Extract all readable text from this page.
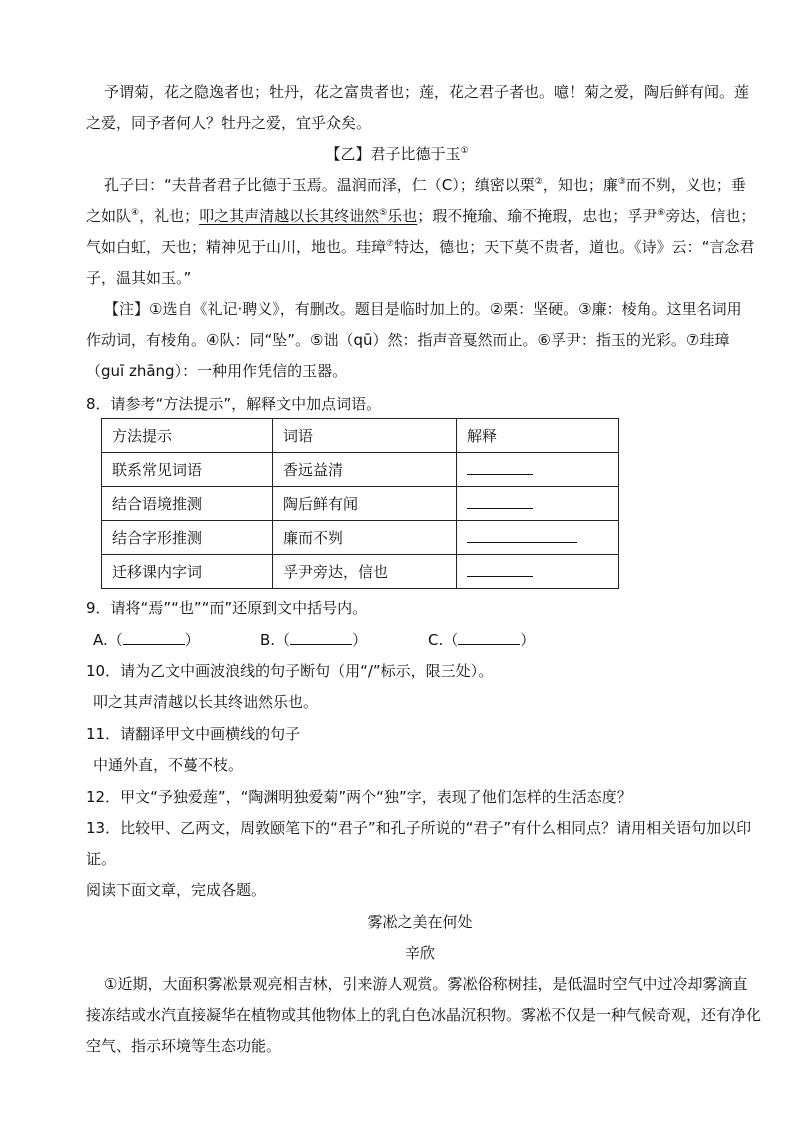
予谓菊，花之隐逸者也；牡丹，花之富贵者也；莲，花之君子者也。噫！菊之爱，陶后鲜有闻。莲
之爱，同予者何人？牡丹之爱，宜乎众矣。
【乙】君子比德于玉①
孔子曰：“夫昔者君子比德于玉焉。温润而泽，仁（C）；缜密以栗②，知也；廉③而不刿，义也；垂
之如队④，礼也；叩之其声清越以长其终诎然⑤乐也；瑕不掩瑜、瑜不掩瑕，忠也；孚尹⑥旁达，信也；
气如白虹，天也；精神见于山川，地也。珪璋⑦特达，德也；天下莫不贵者，道也。《诗》云：“言念君
子，温其如玉。”
【注】①选自《礼记·聘义》，有删改。题目是临时加上的。②栗：坚硬。③廉：棱角。这里名词用
作动词，有棱角。④队：同“坠”。⑤诎（qū）然：指声音戛然而止。⑥孚尹：指玉的光彩。⑦珪璋
（guī zhāng）：一种用作凭信的玉器。
8．请参考“方法提示”，解释文中加点词语。
方法提示	词语	解释
联系常见词语	香远益清	
结合语境推测	陶后鲜有闻	
结合字形推测	廉而不刿	
迁移课内字词	孚尹旁达，信也	
9．请将“焉”“也”“而”还原到文中括号内。
A.（	）	B.（	）	C.（	）
10．请为乙文中画波浪线的句子断句（用“/”标示，限三处）。
叩之其声清越以长其终诎然乐也。
11．请翻译甲文中画横线的句子
中通外直，不蔓不枝。
12．甲文“予独爱莲”，“陶渊明独爱菊”两个“独”字，表现了他们怎样的生活态度？
13．比较甲、乙两文，周敦颐笔下的“君子”和孔子所说的“君子”有什么相同点？请用相关语句加以印
证。
阅读下面文章，完成各题。
雾凇之美在何处
辛欣
①近期，大面积雾凇景观亮相吉林，引来游人观赏。雾凇俗称树挂，是低温时空气中过冷却雾滴直
接冻结或水汽直接凝华在植物或其他物体上的乳白色冰晶沉积物。雾凇不仅是一种气候奇观，还有净化
空气、指示环境等生态功能。
